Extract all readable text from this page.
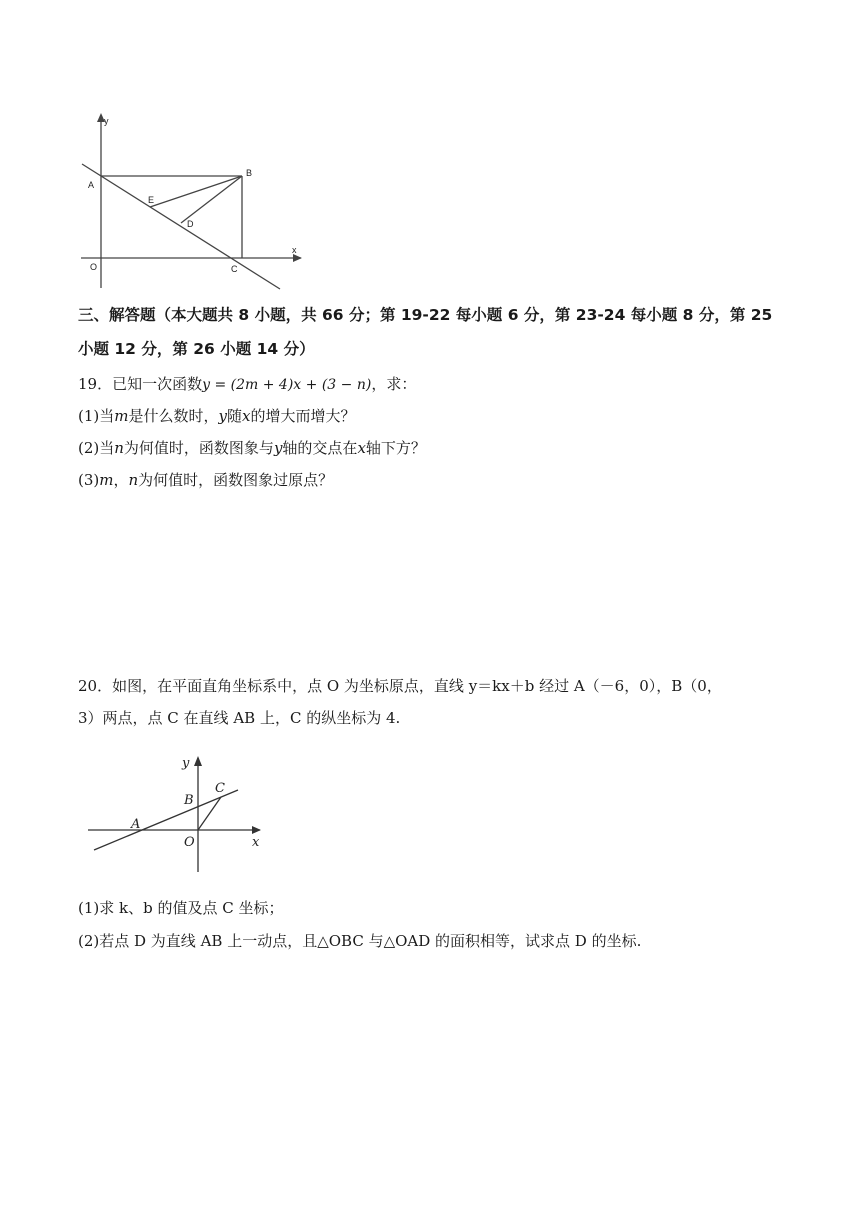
y
x
O
A
B
C
D
E
三、解答题（本大题共 8 小题，共 66 分；第 19-22 每小题 6 分，第 23-24 每小题 8 分，第 25
小题 12 分，第 26 小题 14 分）
19．已知一次函数y = (2m + 4)x + (3 − n)，求：
(1)当m是什么数时，y随x的增大而增大？
(2)当n为何值时，函数图象与y轴的交点在x轴下方？
(3)m，n为何值时，函数图象过原点？
20．如图，在平面直角坐标系中，点 O 为坐标原点，直线 y＝kx＋b 经过 A（－6，0），B（0，
3）两点，点 C 在直线 AB 上，C 的纵坐标为 4.
y
x
O
A
B
C
(1)求 k、b 的值及点 C 坐标；
(2)若点 D 为直线 AB 上一动点，且△OBC 与△OAD 的面积相等，试求点 D 的坐标.
